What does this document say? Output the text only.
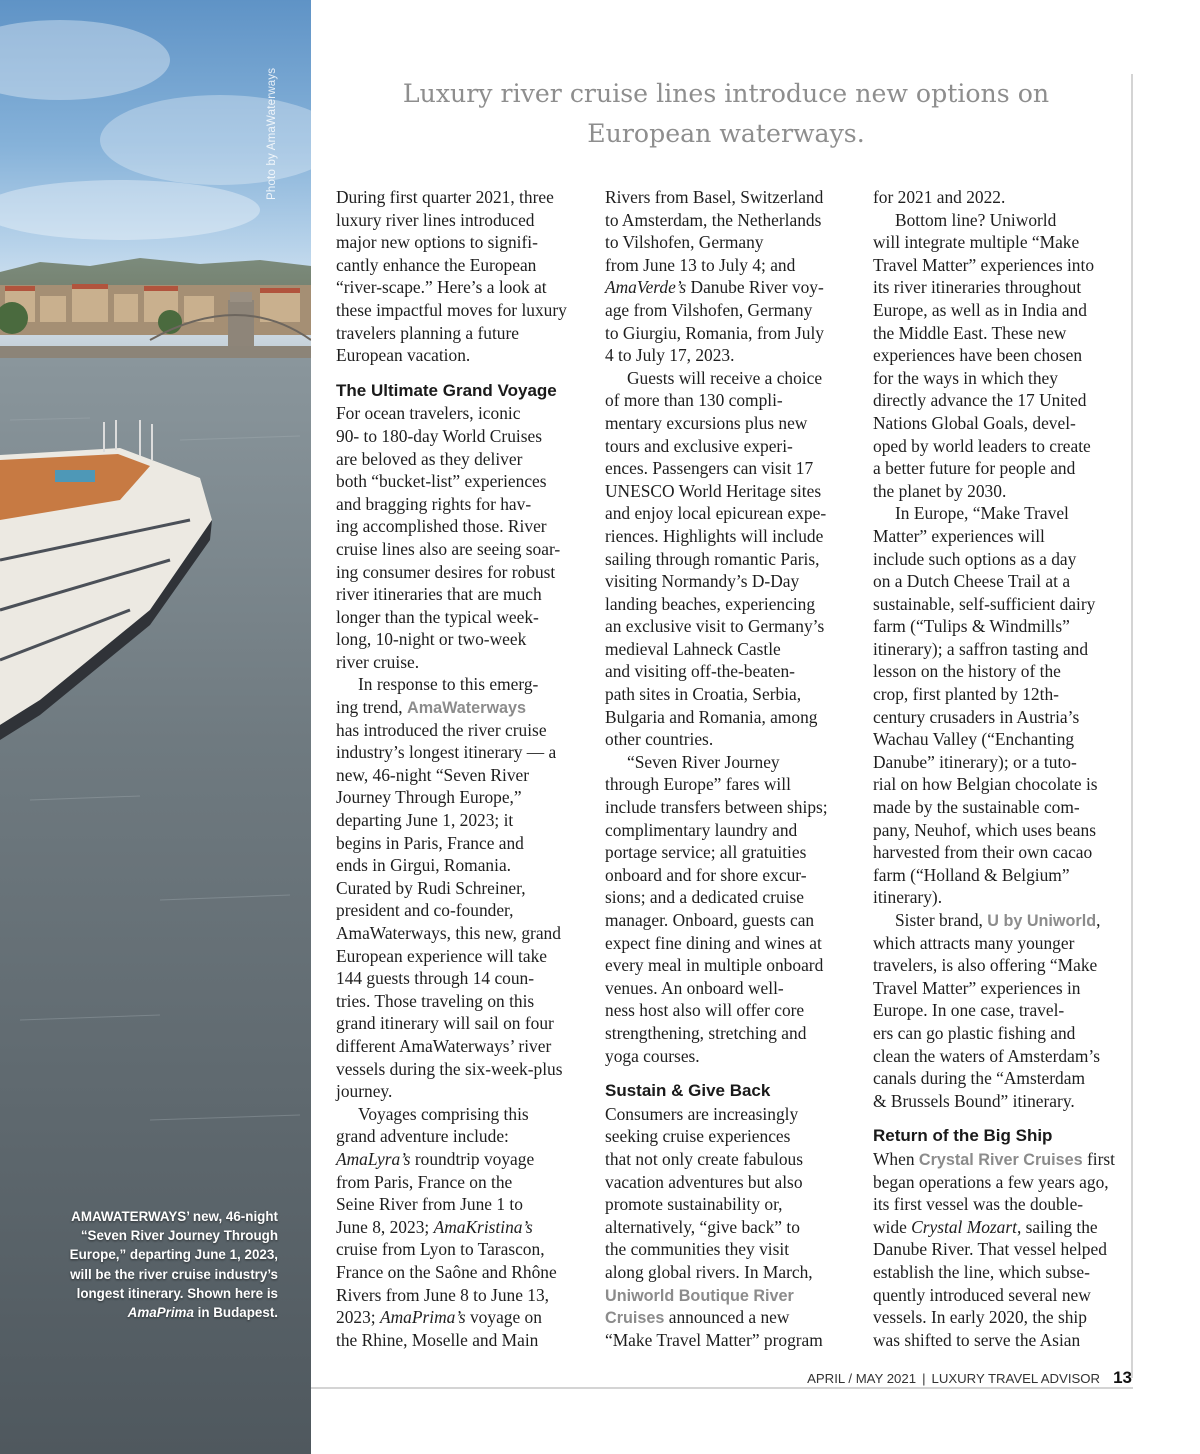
Photo by AmaWaterways
AMAWATERWAYS’ new, 46-night “Seven River Journey Through Europe,” departing June 1, 2023, will be the river cruise industry’s longest itinerary. Shown here is AmaPrima in Budapest.
Luxury river cruise lines introduce new options on
European waterways.
During first quarter 2021, three
luxury river lines introduced
major new options to signifi-
cantly enhance the European
“river-scape.” Here’s a look at
these impactful moves for luxury
travelers planning a future
European vacation.
The Ultimate Grand Voyage
For ocean travelers, iconic
90- to 180-day World Cruises
are beloved as they deliver
both “bucket-list” experiences
and bragging rights for hav-
ing accomplished those. River
cruise lines also are seeing soar-
ing consumer desires for robust
river itineraries that are much
longer than the typical week-
long, 10-night or two-week
river cruise.
In response to this emerg-
ing trend, AmaWaterways
has introduced the river cruise
industry’s longest itinerary — a
new, 46-night “Seven River
Journey Through Europe,”
departing June 1, 2023; it
begins in Paris, France and
ends in Girgui, Romania.
Curated by Rudi Schreiner,
president and co-founder,
AmaWaterways, this new, grand
European experience will take
144 guests through 14 coun-
tries. Those traveling on this
grand itinerary will sail on four
different AmaWaterways’ river
vessels during the six-week-plus
journey.
Voyages comprising this
grand adventure include:
AmaLyra’s roundtrip voyage
from Paris, France on the
Seine River from June 1 to
June 8, 2023; AmaKristina’s
cruise from Lyon to Tarascon,
France on the Saône and Rhône
Rivers from June 8 to June 13,
2023; AmaPrima’s voyage on
the Rhine, Moselle and Main
Rivers from Basel, Switzerland
to Amsterdam, the Netherlands
to Vilshofen, Germany
from June 13 to July 4; and
AmaVerde’s Danube River voy-
age from Vilshofen, Germany
to Giurgiu, Romania, from July
4 to July 17, 2023.
Guests will receive a choice
of more than 130 compli-
mentary excursions plus new
tours and exclusive experi-
ences. Passengers can visit 17
UNESCO World Heritage sites
and enjoy local epicurean expe-
riences. Highlights will include
sailing through romantic Paris,
visiting Normandy’s D-Day
landing beaches, experiencing
an exclusive visit to Germany’s
medieval Lahneck Castle
and visiting off-the-beaten-
path sites in Croatia, Serbia,
Bulgaria and Romania, among
other countries.
“Seven River Journey
through Europe” fares will
include transfers between ships;
complimentary laundry and
portage service; all gratuities
onboard and for shore excur-
sions; and a dedicated cruise
manager. Onboard, guests can
expect fine dining and wines at
every meal in multiple onboard
venues. An onboard well-
ness host also will offer core
strengthening, stretching and
yoga courses.
Sustain & Give Back
Consumers are increasingly
seeking cruise experiences
that not only create fabulous
vacation adventures but also
promote sustainability or,
alternatively, “give back” to
the communities they visit
along global rivers. In March,
Uniworld Boutique River
Cruises announced a new
“Make Travel Matter” program
for 2021 and 2022.
Bottom line? Uniworld
will integrate multiple “Make
Travel Matter” experiences into
its river itineraries throughout
Europe, as well as in India and
the Middle East. These new
experiences have been chosen
for the ways in which they
directly advance the 17 United
Nations Global Goals, devel-
oped by world leaders to create
a better future for people and
the planet by 2030.
In Europe, “Make Travel
Matter” experiences will
include such options as a day
on a Dutch Cheese Trail at a
sustainable, self-sufficient dairy
farm (“Tulips & Windmills”
itinerary); a saffron tasting and
lesson on the history of the
crop, first planted by 12th-
century crusaders in Austria’s
Wachau Valley (“Enchanting
Danube” itinerary); or a tuto-
rial on how Belgian chocolate is
made by the sustainable com-
pany, Neuhof, which uses beans
harvested from their own cacao
farm (“Holland & Belgium”
itinerary).
Sister brand, U by Uniworld,
which attracts many younger
travelers, is also offering “Make
Travel Matter” experiences in
Europe. In one case, travel-
ers can go plastic fishing and
clean the waters of Amsterdam’s
canals during the “Amsterdam
& Brussels Bound” itinerary.
Return of the Big Ship
When Crystal River Cruises first
began operations a few years ago,
its first vessel was the double-
wide Crystal Mozart, sailing the
Danube River. That vessel helped
establish the line, which subse-
quently introduced several new
vessels. In early 2020, the ship
was shifted to serve the Asian
APRIL / MAY 2021 | LUXURY TRAVEL ADVISOR 13
